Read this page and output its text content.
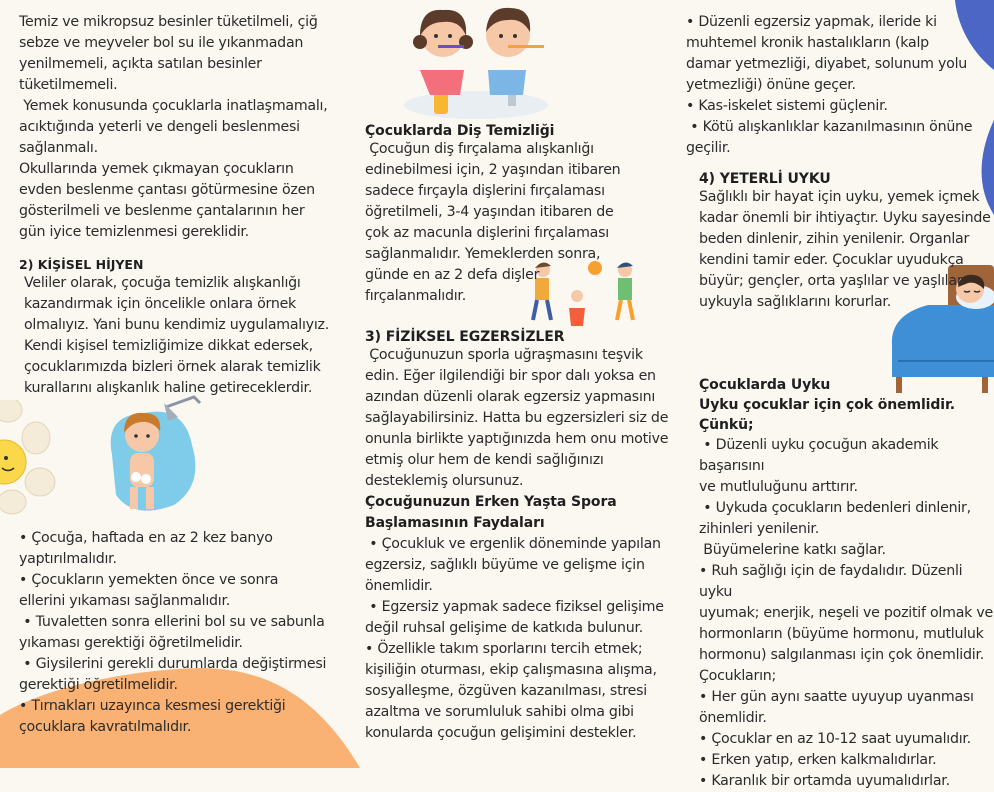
Temiz ve mikropsuz besinler tüketilmeli, çiğ
sebze ve meyveler bol su ile yıkanmadan
yenilmemeli, açıkta satılan besinler
tüketilmemeli.
Yemek konusunda çocuklarla inatlaşmamalı,
acıktığında yeterli ve dengeli beslenmesi
sağlanmalı.
Okullarında yemek çıkmayan çocukların
evden beslenme çantası götürmesine özen
gösterilmeli ve beslenme çantalarının her
gün iyice temizlenmesi gereklidir.
2) KİŞİSEL HİJYEN
Veliler olarak, çocuğa temizlik alışkanlığı
kazandırmak için öncelikle onlara örnek
olmalıyız. Yani bunu kendimiz uygulamalıyız.
Kendi kişisel temizliğimize dikkat edersek,
çocuklarımızda bizleri örnek alarak temizlik
kurallarını alışkanlık haline getireceklerdir.
• Çocuğa, haftada en az 2 kez banyo
yaptırılmalıdır.
• Çocukların yemekten önce ve sonra
ellerini yıkaması sağlanmalıdır.
• Tuvaletten sonra ellerini bol su ve sabunla
yıkaması gerektiği öğretilmelidir.
• Giysilerini gerekli durumlarda değiştirmesi
gerektiği öğretilmelidir.
• Tırnakları uzayınca kesmesi gerektiği
çocuklara kavratılmalıdır.
Çocuklarda Diş Temizliği
Çocuğun diş fırçalama alışkanlığı
edinebilmesi için, 2 yaşından itibaren
sadece fırçayla dişlerini fırçalaması
öğretilmeli, 3-4 yaşından itibaren de
çok az macunla dişlerini fırçalaması
sağlanmalıdır. Yemeklerden sonra,
günde en az 2 defa dişler
fırçalanmalıdır.
3) FİZİKSEL EGZERSİZLER
Çocuğunuzun sporla uğraşmasını teşvik
edin. Eğer ilgilendiği bir spor dalı yoksa en
azından düzenli olarak egzersiz yapmasını
sağlayabilirsiniz. Hatta bu egzersizleri siz de
onunla birlikte yaptığınızda hem onu motive
etmiş olur hem de kendi sağlığınızı
desteklemiş olursunuz.
Çocuğunuzun Erken Yaşta Spora
Başlamasının Faydaları
• Çocukluk ve ergenlik döneminde yapılan
egzersiz, sağlıklı büyüme ve gelişme için
önemlidir.
• Egzersiz yapmak sadece fiziksel gelişime
değil ruhsal gelişime de katkıda bulunur.
• Özellikle takım sporlarını tercih etmek;
kişiliğin oturması, ekip çalışmasına alışma,
sosyalleşme, özgüven kazanılması, stresi
azaltma ve sorumluluk sahibi olma gibi
konularda çocuğun gelişimini destekler.
• Düzenli egzersiz yapmak, ileride ki
muhtemel kronik hastalıkların (kalp
damar yetmezliği, diyabet, solunum yolu
yetmezliği) önüne geçer.
• Kas-iskelet sistemi güçlenir.
• Kötü alışkanlıklar kazanılmasının önüne
geçilir.
4) YETERLİ UYKU
Sağlıklı bir hayat için uyku, yemek içmek
kadar önemli bir ihtiyaçtır. Uyku sayesinde
beden dinlenir, zihin yenilenir. Organlar
kendini tamir eder. Çocuklar uyudukça
büyür; gençler, orta yaşlılar ve yaşlılar
uykuyla sağlıklarını korurlar.
Çocuklarda Uyku
Uyku çocuklar için çok önemlidir. Çünkü;
• Düzenli uyku çocuğun akademik başarısını
ve mutluluğunu arttırır.
• Uykuda çocukların bedenleri dinlenir,
zihinleri yenilenir.
Büyümelerine katkı sağlar.
• Ruh sağlığı için de faydalıdır. Düzenli uyku
uyumak; enerjik, neşeli ve pozitif olmak ve
hormonların (büyüme hormonu, mutluluk
hormonu) salgılanması için çok önemlidir.
Çocukların;
• Her gün aynı saatte uyuyup uyanması
önemlidir.
• Çocuklar en az 10-12 saat uyumalıdır.
• Erken yatıp, erken kalkmalıdırlar.
• Karanlık bir ortamda uyumalıdırlar.
